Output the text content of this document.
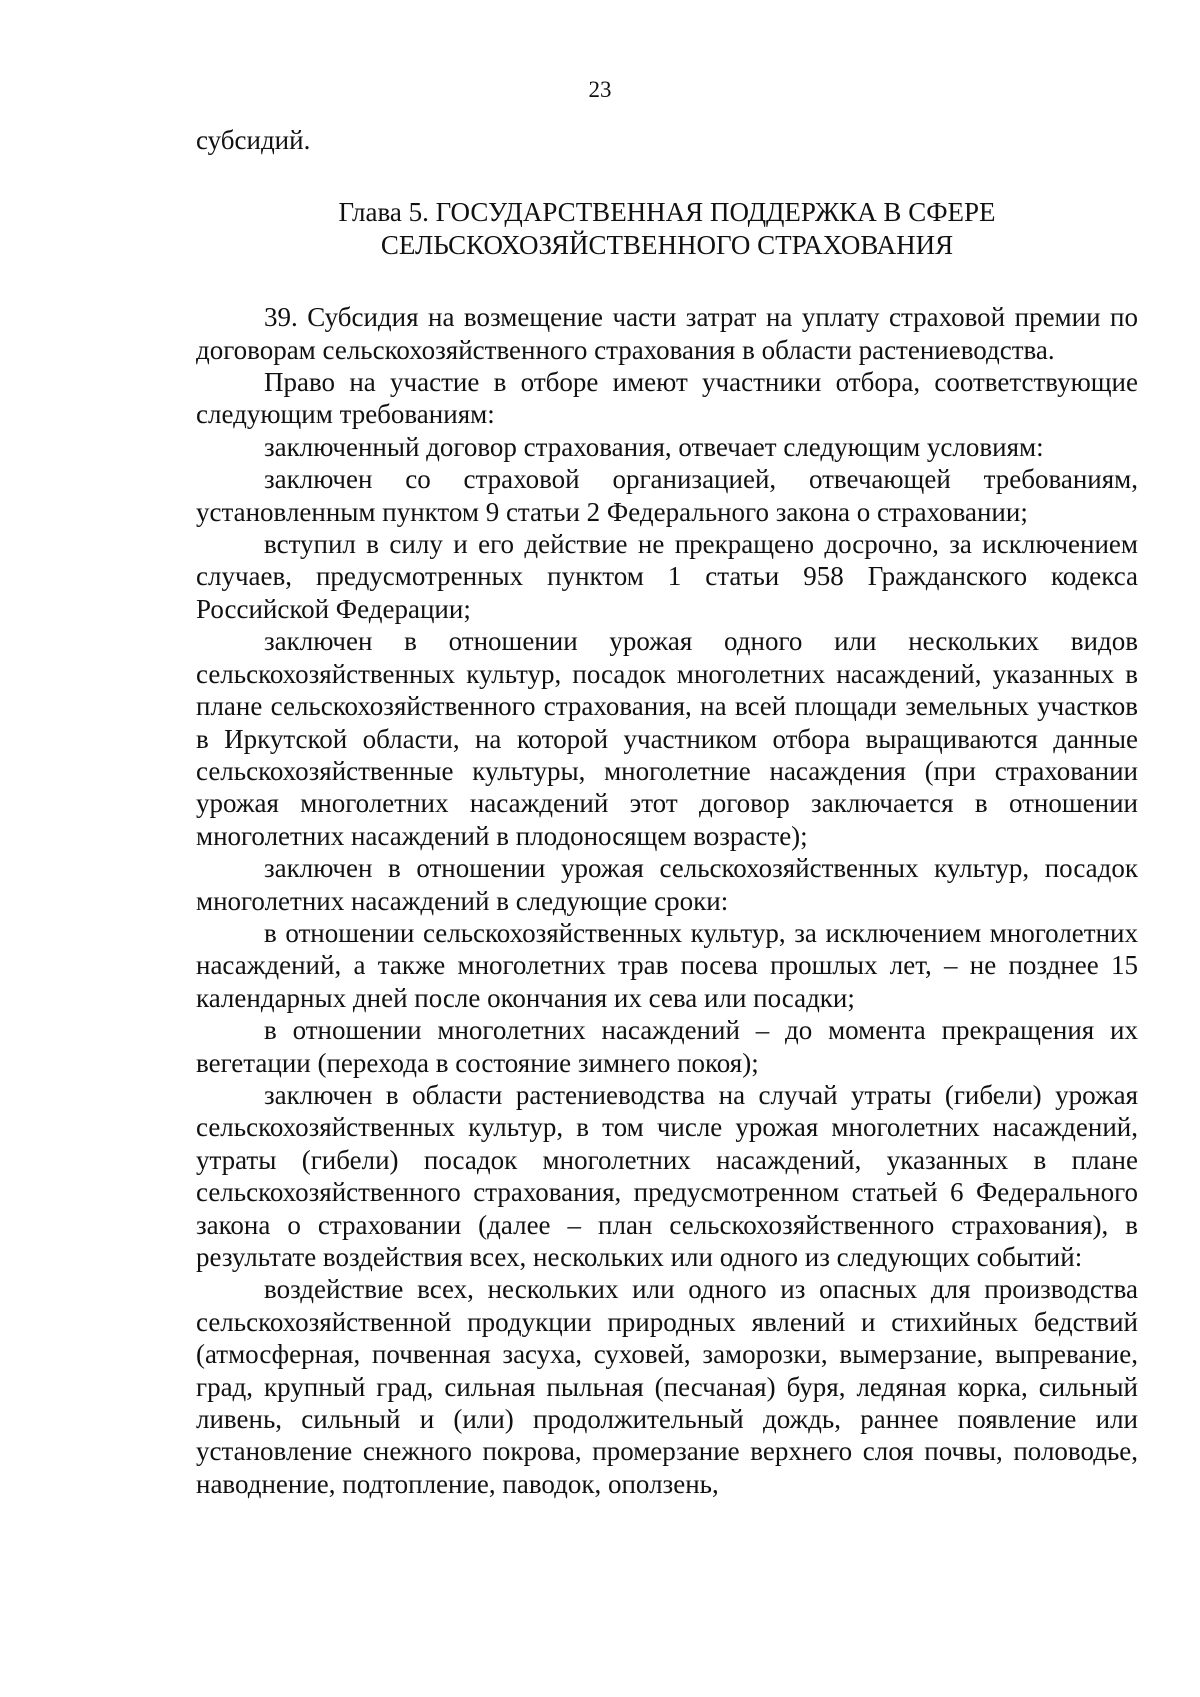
23

субсидий.

Глава 5. ГОСУДАРСТВЕННАЯ ПОДДЕРЖКА В СФЕРЕ
СЕЛЬСКОХОЗЯЙСТВЕННОГО СТРАХОВАНИЯ

39. Субсидия на возмещение части затрат на уплату страховой премии по договорам сельскохозяйственного страхования в области растениеводства.

Право на участие в отборе имеют участники отбора, соответствующие следующим требованиям:

заключенный договор страхования, отвечает следующим условиям:

заключен со страховой организацией, отвечающей требованиям, установленным пунктом 9 статьи 2 Федерального закона о страховании;

вступил в силу и его действие не прекращено досрочно, за исключением случаев, предусмотренных пунктом 1 статьи 958 Гражданского кодекса Российской Федерации;

заключен в отношении урожая одного или нескольких видов сельскохозяйственных культур, посадок многолетних насаждений, указанных в плане сельскохозяйственного страхования, на всей площади земельных участков в Иркутской области, на которой участником отбора выращиваются данные сельскохозяйственные культуры, многолетние насаждения (при страховании урожая многолетних насаждений этот договор заключается в отношении многолетних насаждений в плодоносящем возрасте);

заключен в отношении урожая сельскохозяйственных культур, посадок многолетних насаждений в следующие сроки:

в отношении сельскохозяйственных культур, за исключением многолетних насаждений, а также многолетних трав посева прошлых лет, – не позднее 15 календарных дней после окончания их сева или посадки;

в отношении многолетних насаждений – до момента прекращения их вегетации (перехода в состояние зимнего покоя);

заключен в области растениеводства на случай утраты (гибели) урожая сельскохозяйственных культур, в том числе урожая многолетних насаждений, утраты (гибели) посадок многолетних насаждений, указанных в плане сельскохозяйственного страхования, предусмотренном статьей 6 Федерального закона о страховании (далее – план сельскохозяйственного страхования), в результате воздействия всех, нескольких или одного из следующих событий:

воздействие всех, нескольких или одного из опасных для производства сельскохозяйственной продукции природных явлений и стихийных бедствий (атмосферная, почвенная засуха, суховей, заморозки, вымерзание, выпревание, град, крупный град, сильная пыльная (песчаная) буря, ледяная корка, сильный ливень, сильный и (или) продолжительный дождь, раннее появление или установление снежного покрова, промерзание верхнего слоя почвы, половодье, наводнение, подтопление, паводок, оползень,
